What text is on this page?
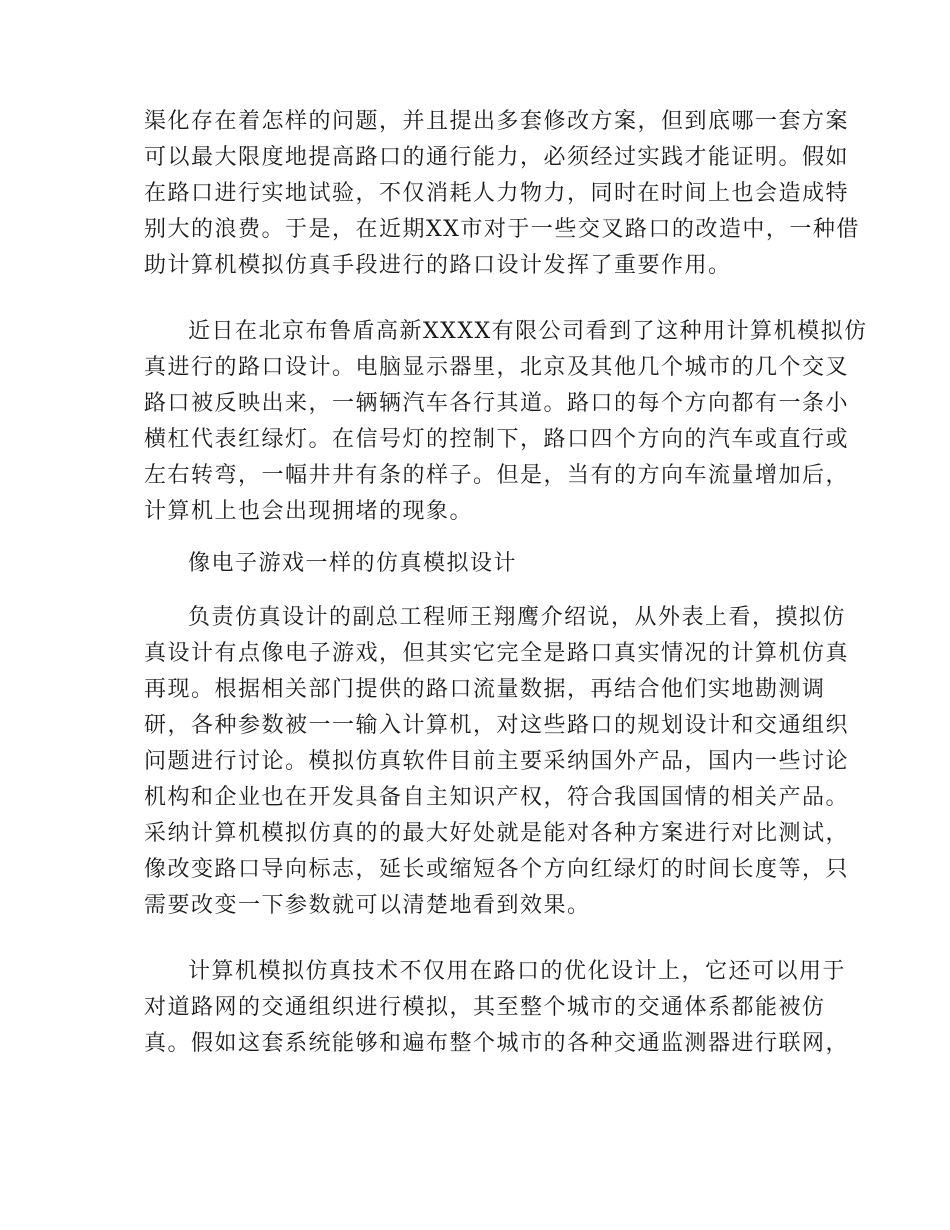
渠化存在着怎样的问题，并且提出多套修改方案，但到底哪一套方案
可以最大限度地提高路口的通行能力，必须经过实践才能证明。假如
在路口进行实地试验，不仅消耗人力物力，同时在时间上也会造成特
别大的浪费。于是，在近期XX市对于一些交叉路口的改造中，一种借
助计算机模拟仿真手段进行的路口设计发挥了重要作用。
近日在北京布鲁盾高新XXXX有限公司看到了这种用计算机模拟仿
真进行的路口设计。电脑显示器里，北京及其他几个城市的几个交叉
路口被反映出来，一辆辆汽车各行其道。路口的每个方向都有一条小
横杠代表红绿灯。在信号灯的控制下，路口四个方向的汽车或直行或
左右转弯，一幅井井有条的样子。但是，当有的方向车流量增加后，
计算机上也会出现拥堵的现象。
像电子游戏一样的仿真模拟设计
负责仿真设计的副总工程师王翔鹰介绍说，从外表上看，摸拟仿
真设计有点像电子游戏，但其实它完全是路口真实情况的计算机仿真
再现。根据相关部门提供的路口流量数据，再结合他们实地勘测调
研，各种参数被一一输入计算机，对这些路口的规划设计和交通组织
问题进行讨论。模拟仿真软件目前主要采纳国外产品，国内一些讨论
机构和企业也在开发具备自主知识产权，符合我国国情的相关产品。
采纳计算机模拟仿真的的最大好处就是能对各种方案进行对比测试，
像改变路口导向标志，延长或缩短各个方向红绿灯的时间长度等，只
需要改变一下参数就可以清楚地看到效果。
计算机模拟仿真技术不仅用在路口的优化设计上，它还可以用于
对道路网的交通组织进行模拟，其至整个城市的交通体系都能被仿
真。假如这套系统能够和遍布整个城市的各种交通监测器进行联网，
